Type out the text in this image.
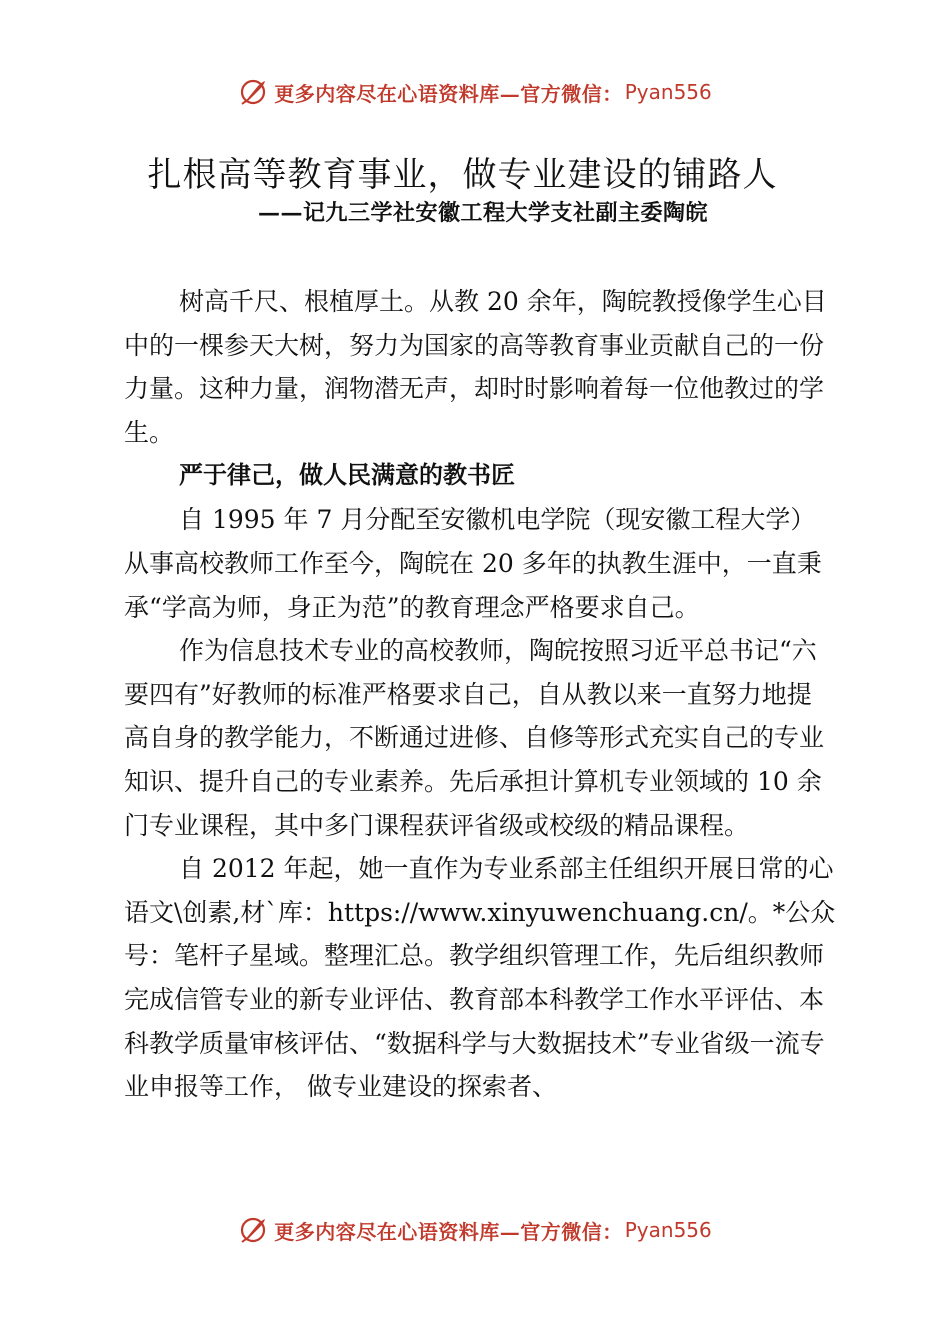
更多内容尽在心语资料库—官方微信： Pyan556
扎根高等教育事业，做专业建设的铺路人
——记九三学社安徽工程大学支社副主委陶皖

树高千尺、根植厚土。从教 20 余年，陶皖教授像学生心目中的一棵参天大树，努力为国家的高等教育事业贡献自己的一份力量。这种力量，润物潜无声，却时时影响着每一位他教过的学生。

严于律己，做人民满意的教书匠

自 1995 年 7 月分配至安徽机电学院（现安徽工程大学）

从事高校教师工作至今，陶皖在 20 多年的执教生涯中，一直秉承“学高为师，身正为范”的教育理念严格要求自己。

作为信息技术专业的高校教师，陶皖按照习近平总书记“六要四有”好教师的标准严格要求自己，自从教以来一直努力地提高自身的教学能力，不断通过进修、自修等形式充实自己的专业知识、提升自己的专业素养。先后承担计算机专业领域的 10 余门专业课程，其中多门课程获评省级或校级的精品课程。

自 2012 年起，她一直作为专业系部主任组织开展日常的心语文\创素,材`库：https://www.xinyuwenchuang.cn/。*公众号：笔杆子星域。整理汇总。教学组织管理工作，先后组织教师完成信管专业的新专业评估、教育部本科教学工作水平评估、本科教学质量审核评估、“数据科学与大数据技术”专业省级一流专业申报等工作， 做专业建设的探索者、

更多内容尽在心语资料库—官方微信： Pyan556
